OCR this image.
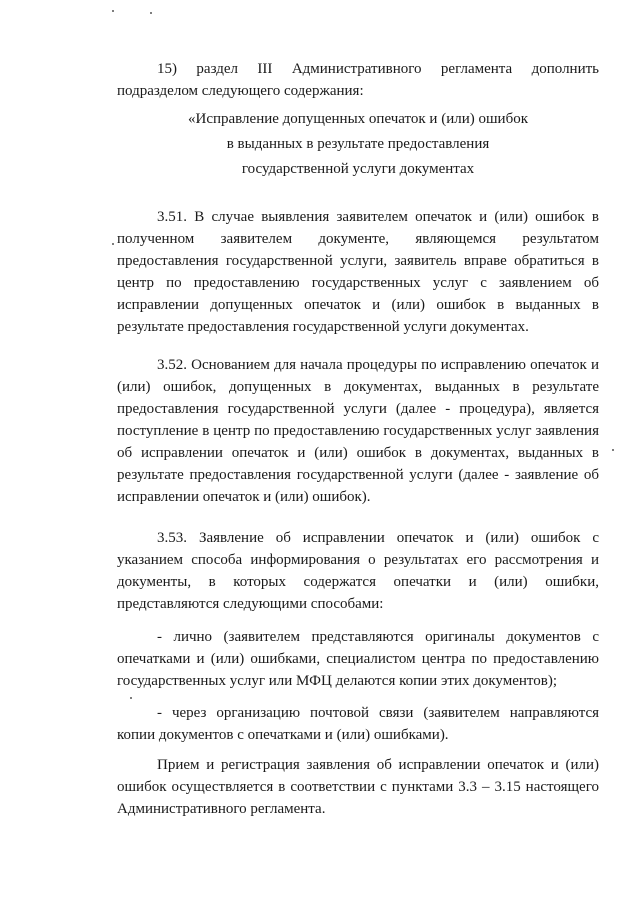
15) раздел III Административного регламента дополнить подразделом следующего содержания:

«Исправление допущенных опечаток и (или) ошибок
в выданных в результате предоставления
государственной услуги документах

3.51. В случае выявления заявителем опечаток и (или) ошибок в полученном заявителем документе, являющемся результатом предоставления государственной услуги, заявитель вправе обратиться в центр по предоставлению государственных услуг с заявлением об исправлении допущенных опечаток и (или) ошибок в выданных в результате предоставления государственной услуги документах.

3.52. Основанием для начала процедуры по исправлению опечаток и (или) ошибок, допущенных в документах, выданных в результате предоставления государственной услуги (далее - процедура), является поступление в центр по предоставлению государственных услуг заявления об исправлении опечаток и (или) ошибок в документах, выданных в результате предоставления государственной услуги (далее - заявление об исправлении опечаток и (или) ошибок).

3.53. Заявление об исправлении опечаток и (или) ошибок с указанием способа информирования о результатах его рассмотрения и документы, в которых содержатся опечатки и (или) ошибки, представляются следующими способами:

- лично (заявителем представляются оригиналы документов с опечатками и (или) ошибками, специалистом центра по предоставлению государственных услуг или МФЦ делаются копии этих документов);

- через организацию почтовой связи (заявителем направляются копии документов с опечатками и (или) ошибками).

Прием и регистрация заявления об исправлении опечаток и (или) ошибок осуществляется в соответствии с пунктами 3.3 – 3.15 настоящего Административного регламента.
